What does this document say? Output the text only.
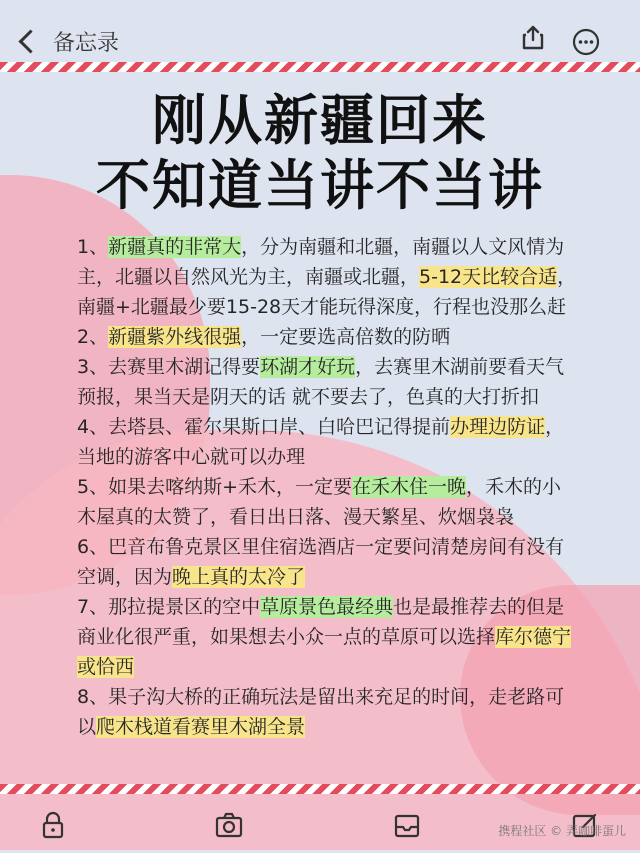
备忘录
刚从新疆回来
不知道当讲不当讲

1、新疆真的非常大，分为南疆和北疆，南疆以人文风情为主，北疆以自然风光为主，南疆或北疆，5-12天比较合适，南疆+北疆最少要15-28天才能玩得深度，行程也没那么赶

2、新疆紫外线很强，一定要选高倍数的防晒

3、去赛里木湖记得要环湖才好玩，去赛里木湖前要看天气预报，果当天是阴天的话 就不要去了，色真的大打折扣

4、去塔县、霍尔果斯口岸、白哈巴记得提前办理边防证，当地的游客中心就可以办理

5、如果去喀纳斯+禾木，一定要在禾木住一晚，禾木的小木屋真的太赞了，看日出日落、漫天繁星、炊烟袅袅

6、巴音布鲁克景区里住宿选酒店一定要问清楚房间有没有空调，因为晚上真的太冷了

7、那拉提景区的空中草原景色最经典也是最推荐去的但是商业化很严重，如果想去小众一点的草原可以选择库尔德宁或恰西

8、果子沟大桥的正确玩法是留出来充足的时间，走老路可以爬木栈道看赛里木湖全景

携程社区 © 弄咖啡蛋儿
